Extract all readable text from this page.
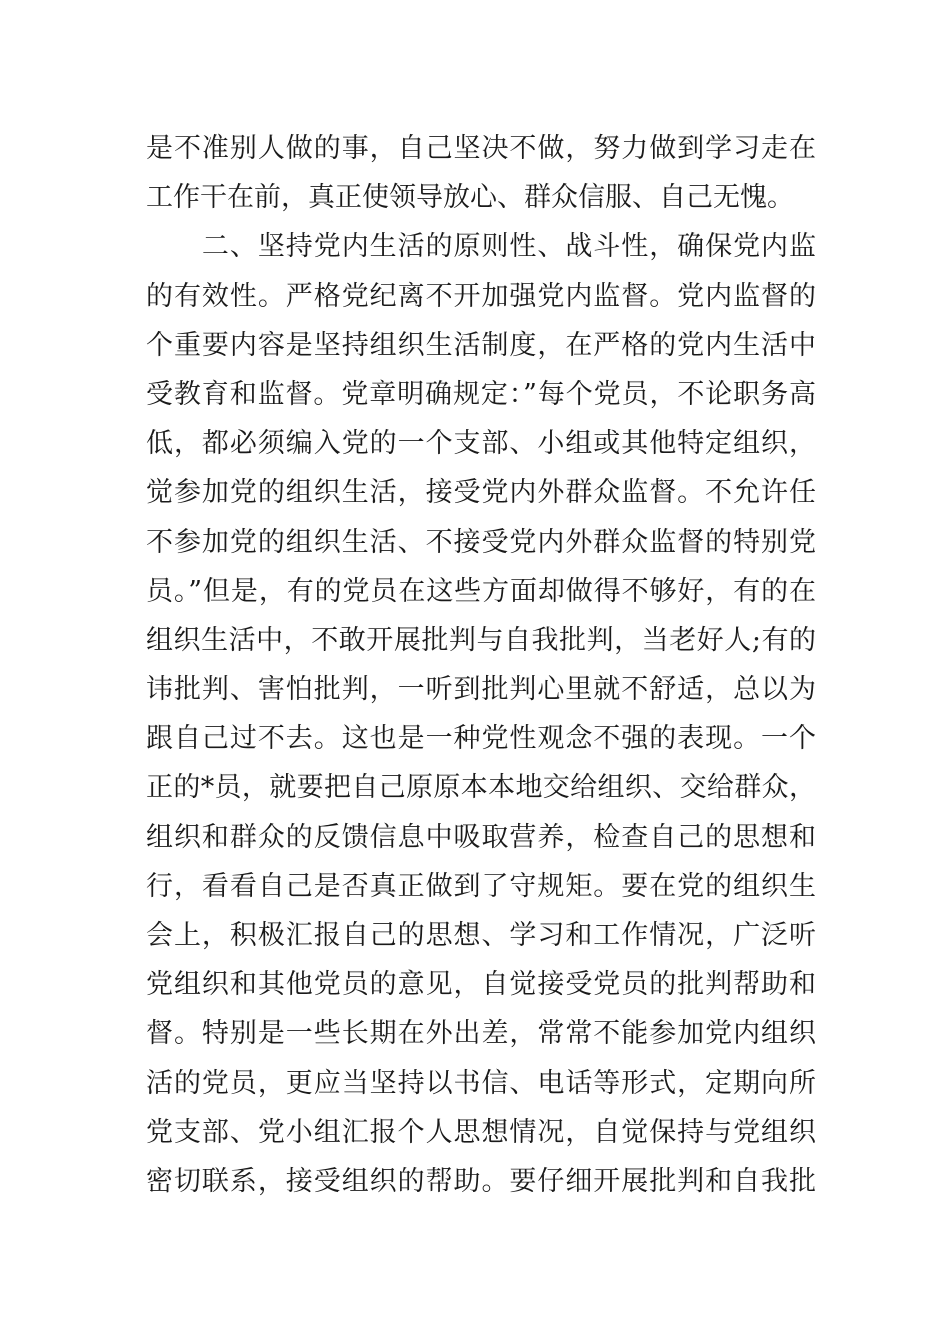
是不准别人做的事，自己坚决不做，努力做到学习走在
工作干在前，真正使领导放心、群众信服、自己无愧。
　　二、坚持党内生活的原则性、战斗性，确保党内监
的有效性。严格党纪离不开加强党内监督。党内监督的
个重要内容是坚持组织生活制度，在严格的党内生活中
受教育和监督。党章明确规定：”每个党员，不论职务高
低，都必须编入党的一个支部、小组或其他特定组织，
觉参加党的组织生活，接受党内外群众监督。不允许任
不参加党的组织生活、不接受党内外群众监督的特别党
员。”但是，有的党员在这些方面却做得不够好，有的在
组织生活中，不敢开展批判与自我批判，当老好人;有的
讳批判、害怕批判，一听到批判心里就不舒适，总以为
跟自己过不去。这也是一种党性观念不强的表现。一个
正的*员，就要把自己原原本本地交给组织、交给群众，
组织和群众的反馈信息中吸取营养，检查自己的思想和
行，看看自己是否真正做到了守规矩。要在党的组织生
会上，积极汇报自己的思想、学习和工作情况，广泛听
党组织和其他党员的意见，自觉接受党员的批判帮助和
督。特别是一些长期在外出差，常常不能参加党内组织
活的党员，更应当坚持以书信、电话等形式，定期向所
党支部、党小组汇报个人思想情况，自觉保持与党组织
密切联系，接受组织的帮助。要仔细开展批判和自我批
